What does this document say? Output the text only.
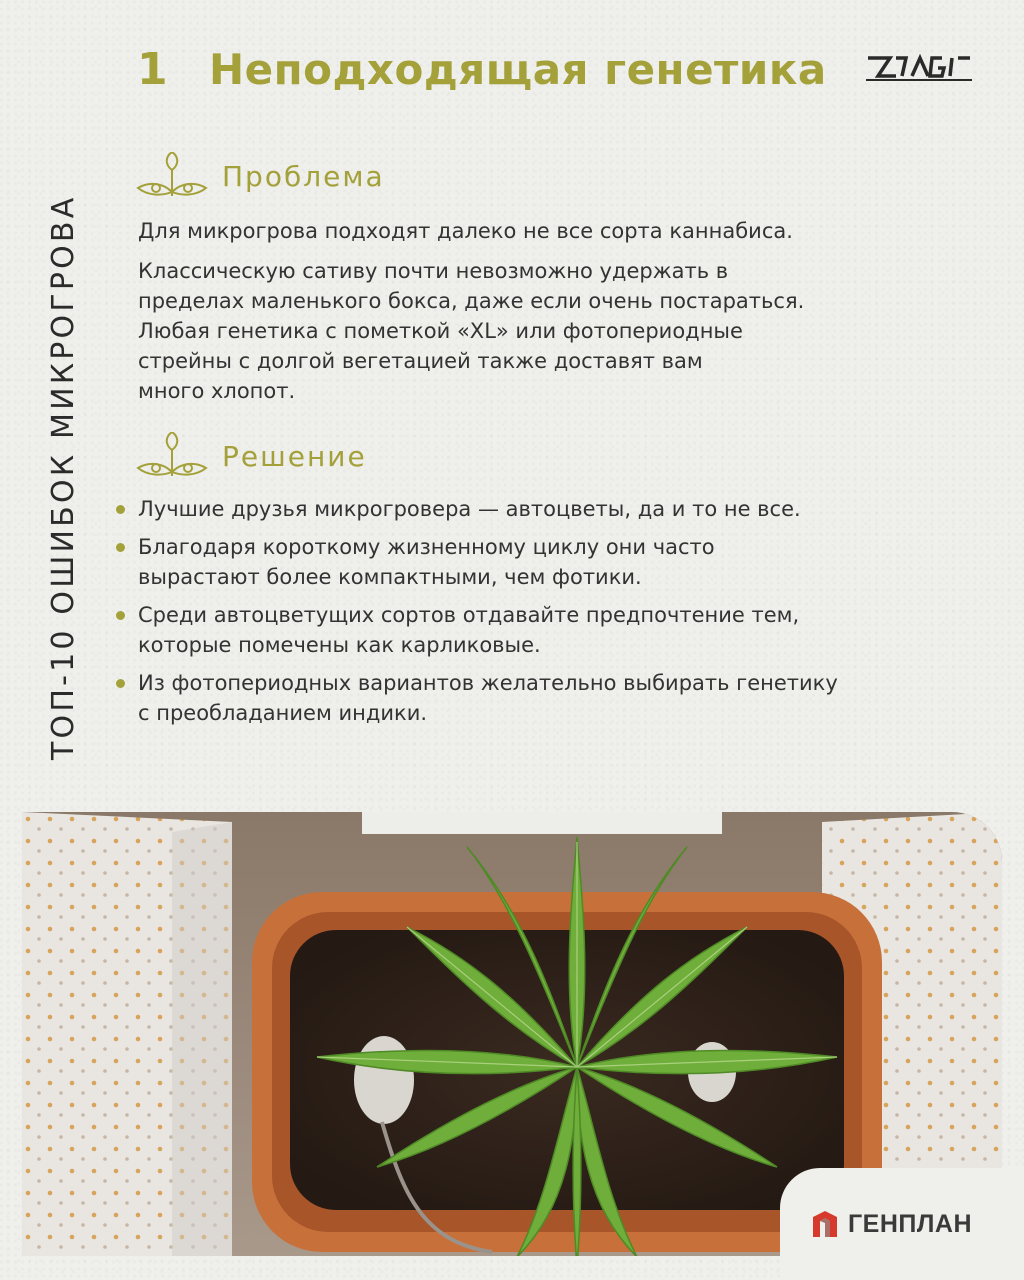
ТОП-10 ОШИБОК МИКРОГРОВА
1 Неподходящая генетика
Проблема
Для микрогрова подходят далеко не все сорта каннабиса.
Классическую сативу почти невозможно удержать в
пределах маленького бокса, даже если очень постараться.
Любая генетика с пометкой «XL» или фотопериодные
стрейны с долгой вегетацией также доставят вам
много хлопот.
Решение
Лучшие друзья микрогровера — автоцветы, да и то не все.
Благодаря короткому жизненному циклу они часто
вырастают более компактными, чем фотики.
Среди автоцветущих сортов отдавайте предпочтение тем,
которые помечены как карликовые.
Из фотопериодных вариантов желательно выбирать генетику
с преобладанием индики.
ГЕНПЛАН
